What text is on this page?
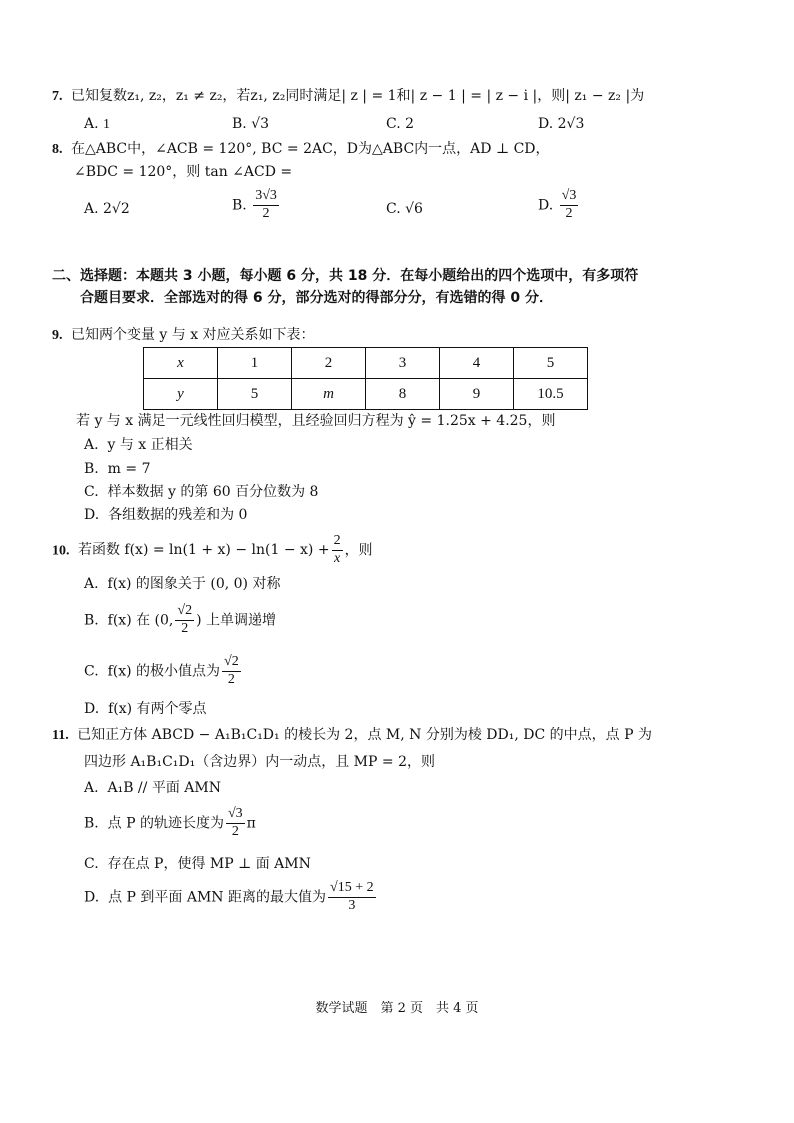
7. 已知复数z₁, z₂，z₁ ≠ z₂，若z₁, z₂同时满足| z | = 1和| z − 1 | = | z − i |，则| z₁ − z₂ |为
A. 1	B. √3	C. 2	D. 2√3
8. 在△ABC中，∠ACB = 120°, BC = 2AC，D为△ABC内一点，AD ⊥ CD，
∠BDC = 120°，则 tan ∠ACD =
A. 2√2	B. $\frac{3√3}{2}$	C. √6	D. $\frac{√3}{2}$
二、选择题：本题共 3 小题，每小题 6 分，共 18 分．在每小题给出的四个选项中，有多项符
合题目要求．全部选对的得 6 分，部分选对的得部分分，有选错的得 0 分．
9. 已知两个变量 y 与 x 对应关系如下表：
x	1	2	3	4	5
y	5	m	8	9	10.5
若 y 与 x 满足一元线性回归模型，且经验回归方程为 ŷ = 1.25x + 4.25，则
A. y 与 x 正相关
B. m = 7
C. 样本数据 y 的第 60 百分位数为 8
D. 各组数据的残差和为 0
10. 若函数 $f(x) = \ln(1 + x) - \ln(1 - x) + \frac{2}{x}$ ，则
A. f(x) 的图象关于 (0, 0) 对称
B. f(x) 在 (0, $\frac{√2}{2}$ ) 上单调递增
C. f(x) 的极小值点为 $\frac{√2}{2}$
D. f(x) 有两个零点
11. 已知正方体 ABCD − A₁B₁C₁D₁ 的棱长为 2，点 M, N 分别为棱 DD₁, DC 的中点，点 P 为
四边形 A₁B₁C₁D₁（含边界）内一动点，且 MP = 2，则
A. A₁B // 平面 AMN
B. 点 P 的轨迹长度为 $\frac{√3}{2}$ π
C. 存在点 P，使得 MP ⊥ 面 AMN
D. 点 P 到平面 AMN 距离的最大值为 $\frac{√15 + 2}{3}$
数学试题　第 2 页　共 4 页
